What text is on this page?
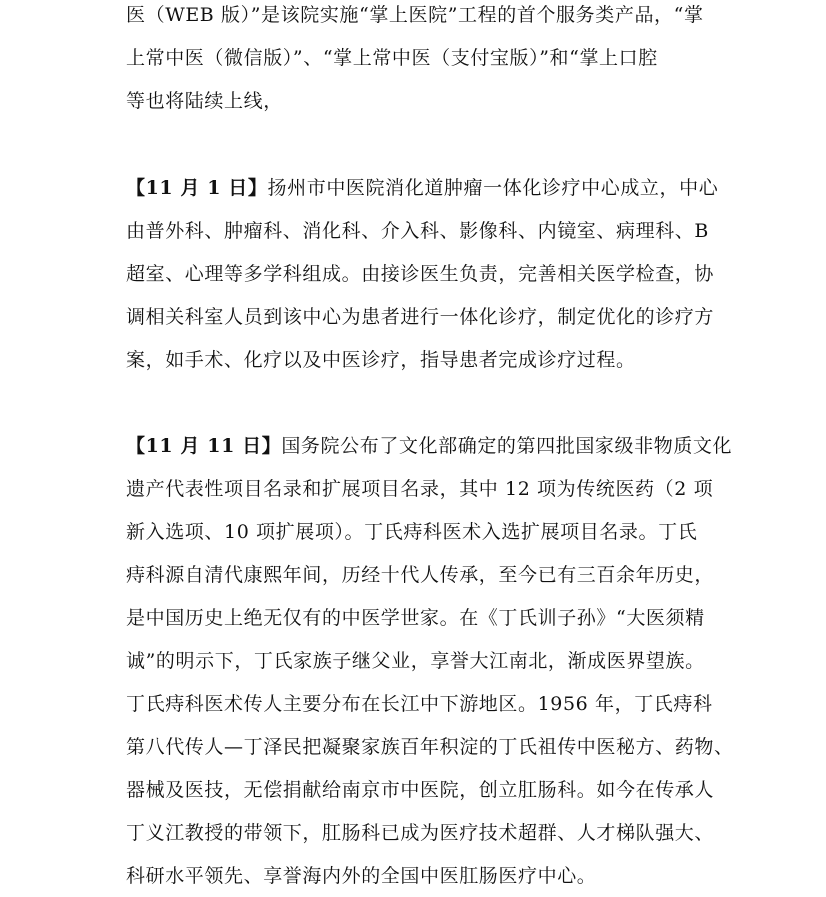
医（WEB 版）”是该院实施“掌上医院”工程的首个服务类产品，“掌
上常中医（微信版）”、“掌上常中医（支付宝版）”和“掌上口腔
等也将陆续上线，
【11 月 1 日】扬州市中医院消化道肿瘤一体化诊疗中心成立，中心
由普外科、肿瘤科、消化科、介入科、影像科、内镜室、病理科、B
超室、心理等多学科组成。由接诊医生负责，完善相关医学检查，协
调相关科室人员到该中心为患者进行一体化诊疗，制定优化的诊疗方
案，如手术、化疗以及中医诊疗，指导患者完成诊疗过程。
【11 月 11 日】国务院公布了文化部确定的第四批国家级非物质文化
遗产代表性项目名录和扩展项目名录，其中 12 项为传统医药（2 项
新入选项、10 项扩展项）。丁氏痔科医术入选扩展项目名录。丁氏
痔科源自清代康熙年间，历经十代人传承，至今已有三百余年历史，
是中国历史上绝无仅有的中医学世家。在《丁氏训子孙》“大医须精
诚”的明示下，丁氏家族子继父业，享誉大江南北，渐成医界望族。
丁氏痔科医术传人主要分布在长江中下游地区。1956 年，丁氏痔科
第八代传人—丁泽民把凝聚家族百年积淀的丁氏祖传中医秘方、药物、
器械及医技，无偿捐献给南京市中医院，创立肛肠科。如今在传承人
丁义江教授的带领下，肛肠科已成为医疗技术超群、人才梯队强大、
科研水平领先、享誉海内外的全国中医肛肠医疗中心。
